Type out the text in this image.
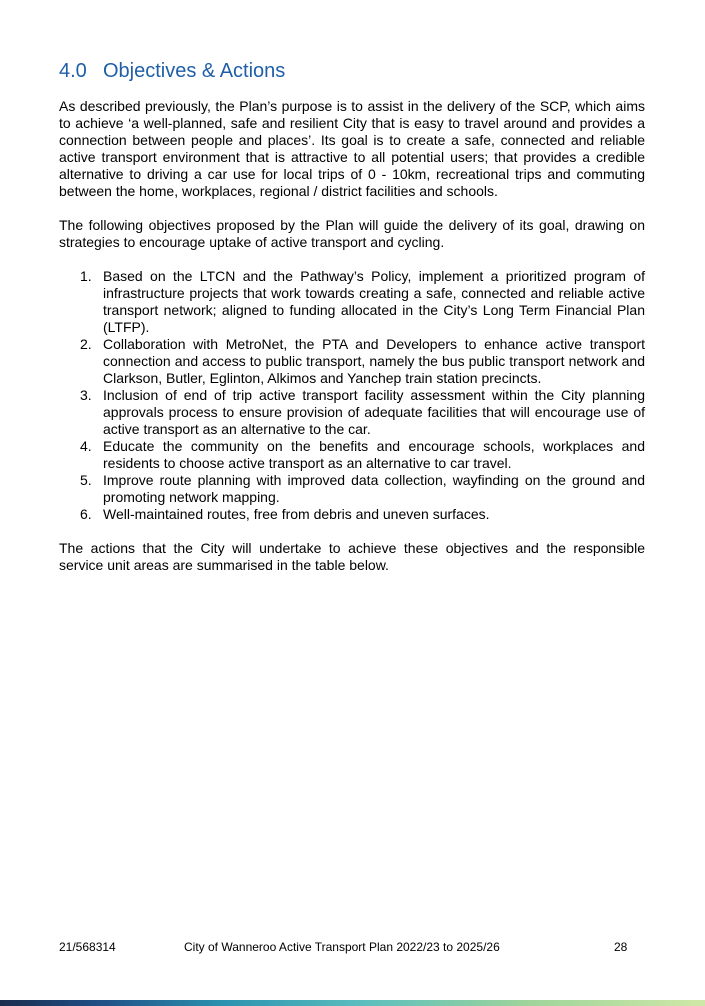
4.0 Objectives & Actions

As described previously, the Plan’s purpose is to assist in the delivery of the SCP, which aims to achieve ‘a well-planned, safe and resilient City that is easy to travel around and provides a connection between people and places’. Its goal is to create a safe, connected and reliable active transport environment that is attractive to all potential users; that provides a credible alternative to driving a car use for local trips of 0 - 10km, recreational trips and commuting between the home, workplaces, regional / district facilities and schools.

The following objectives proposed by the Plan will guide the delivery of its goal, drawing on strategies to encourage uptake of active transport and cycling.

1. Based on the LTCN and the Pathway’s Policy, implement a prioritized program of infrastructure projects that work towards creating a safe, connected and reliable active transport network; aligned to funding allocated in the City’s Long Term Financial Plan (LTFP).
2. Collaboration with MetroNet, the PTA and Developers to enhance active transport connection and access to public transport, namely the bus public transport network and Clarkson, Butler, Eglinton, Alkimos and Yanchep train station precincts.
3. Inclusion of end of trip active transport facility assessment within the City planning approvals process to ensure provision of adequate facilities that will encourage use of active transport as an alternative to the car.
4. Educate the community on the benefits and encourage schools, workplaces and residents to choose active transport as an alternative to car travel.
5. Improve route planning with improved data collection, wayfinding on the ground and promoting network mapping.
6. Well-maintained routes, free from debris and uneven surfaces.

The actions that the City will undertake to achieve these objectives and the responsible service unit areas are summarised in the table below.

21/568314	City of Wanneroo Active Transport Plan 2022/23 to 2025/26	28
